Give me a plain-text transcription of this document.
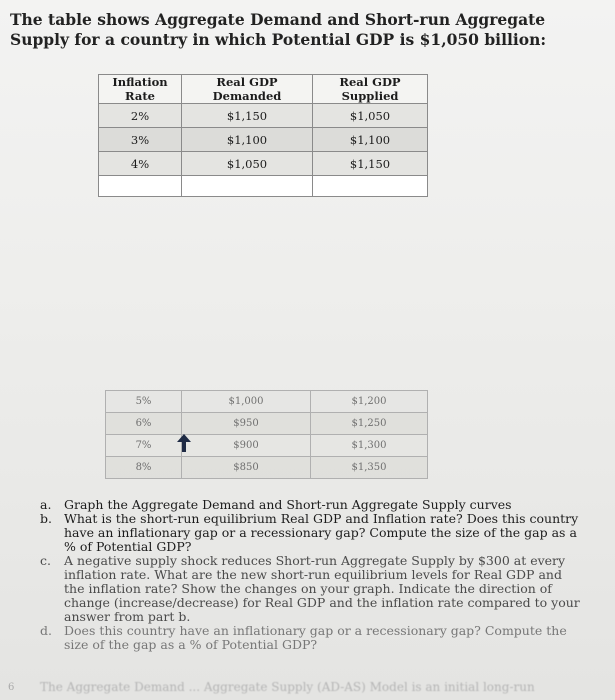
The table shows Aggregate Demand and Short-run Aggregate Supply for a country in which Potential GDP is $1,050 billion:
Inflation Rate	Real GDP Demanded	Real GDP Supplied
2%	$1,150	$1,050
3%	$1,100	$1,100
4%	$1,050	$1,150

5%	$1,000	$1,200
6%	$950	$1,250
7%	$900	$1,300
8%	$850	$1,350

a. Graph the Aggregate Demand and Short-run Aggregate Supply curves

b. What is the short-run equilibrium Real GDP and Inflation rate? Does this country have an inflationary gap or a recessionary gap? Compute the size of the gap as a % of Potential GDP?

c. A negative supply shock reduces Short-run Aggregate Supply by $300 at every inflation rate. What are the new short-run equilibrium levels for Real GDP and the inflation rate? Show the changes on your graph. Indicate the direction of change (increase/decrease) for Real GDP and the inflation rate compared to your answer from part b.

d. Does this country have an inflationary gap or a recessionary gap? Compute the size of the gap as a % of Potential GDP?

6 The Aggregate Demand ... Aggregate Supply (AD-AS) Model is an initial long-run
